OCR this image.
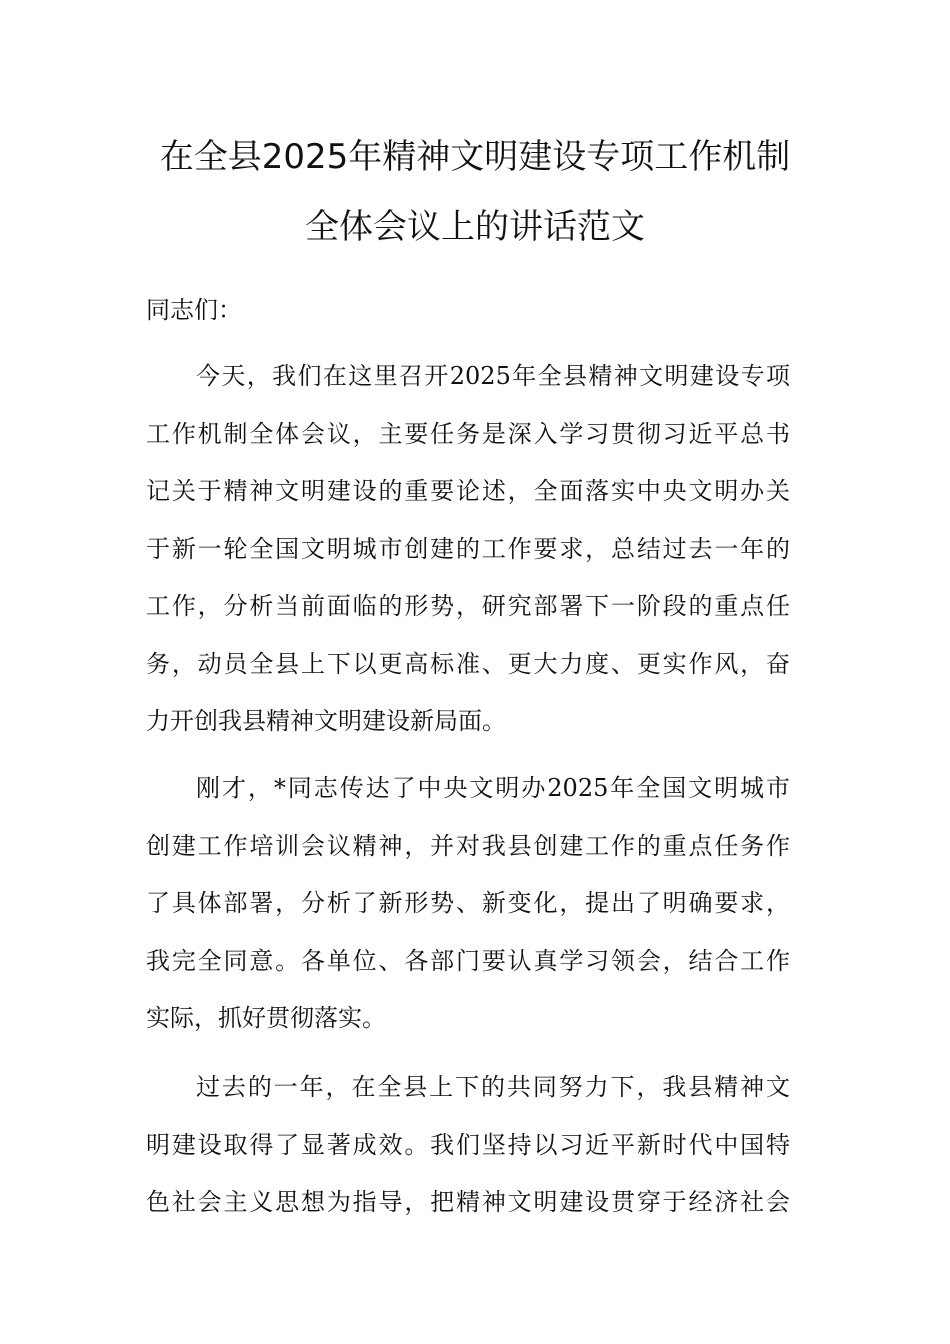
在全县2025年精神文明建设专项工作机制
全体会议上的讲话范文
同志们：
今天，我们在这里召开2025年全县精神文明建设专项
工作机制全体会议，主要任务是深入学习贯彻习近平总书
记关于精神文明建设的重要论述，全面落实中央文明办关
于新一轮全国文明城市创建的工作要求，总结过去一年的
工作，分析当前面临的形势，研究部署下一阶段的重点任
务，动员全县上下以更高标准、更大力度、更实作风，奋
力开创我县精神文明建设新局面。
刚才，*同志传达了中央文明办2025年全国文明城市
创建工作培训会议精神，并对我县创建工作的重点任务作
了具体部署，分析了新形势、新变化，提出了明确要求，
我完全同意。各单位、各部门要认真学习领会，结合工作
实际，抓好贯彻落实。
过去的一年，在全县上下的共同努力下，我县精神文
明建设取得了显著成效。我们坚持以习近平新时代中国特
色社会主义思想为指导，把精神文明建设贯穿于经济社会
